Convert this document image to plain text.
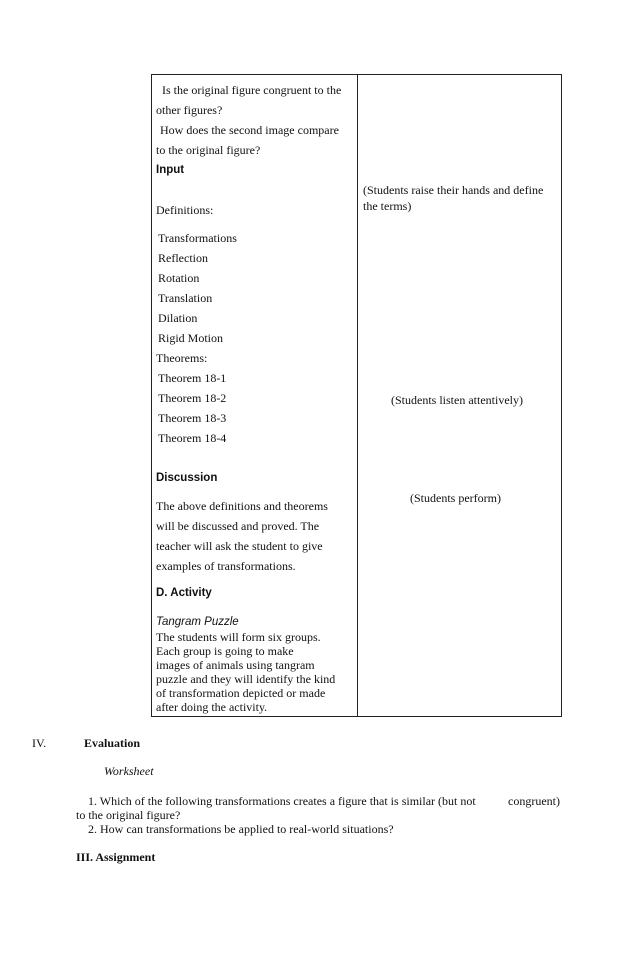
Is the original figure congruent to the
other figures?
How does the second image compare
to the original figure?
Input
Definitions:
Transformations
Reflection
Rotation
Translation
Dilation
Rigid Motion
Theorems:
Theorem 18-1
Theorem 18-2
Theorem 18-3
Theorem 18-4
Discussion
The above definitions and theorems
will be discussed and proved. The
teacher will ask the student to give
examples of transformations.
D. Activity
Tangram Puzzle
The students will form six groups.
Each group is going to make
images of animals using tangram
puzzle and they will identify the kind
of transformation depicted or made
after doing the activity.
(Students raise their hands and define
the terms)
(Students listen attentively)
(Students perform)
IV.	Evaluation
Worksheet
1. Which of the following transformations creates a figure that is similar (but not	congruent)
to the original figure?
2. How can transformations be applied to real-world situations?
III. Assignment
